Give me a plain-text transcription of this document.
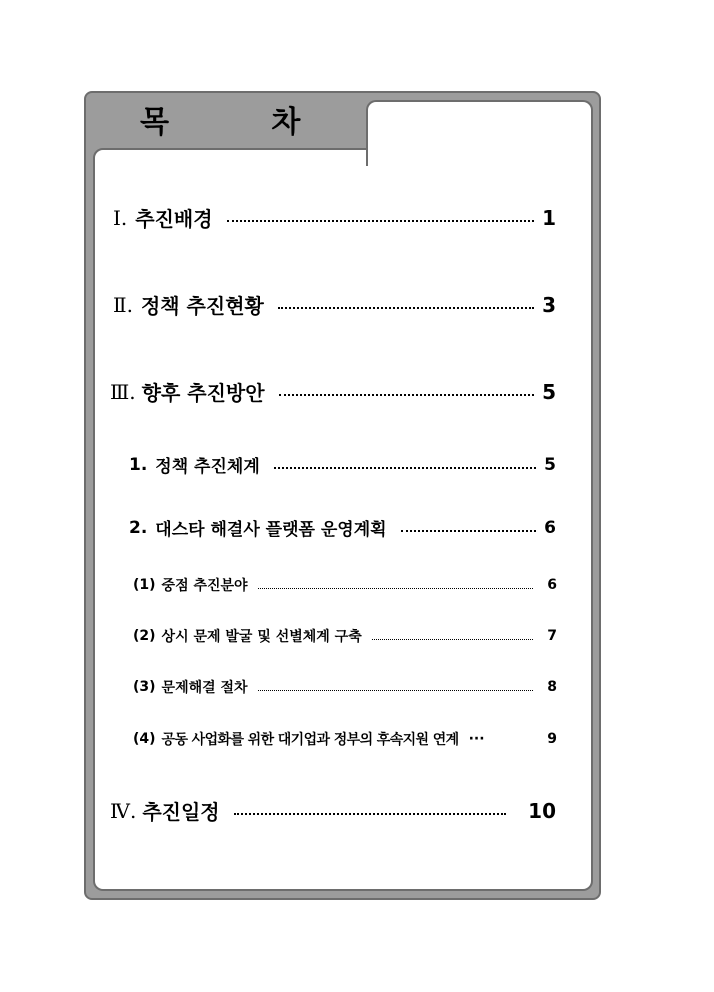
목 차
Ⅰ. 추진배경	1
Ⅱ. 정책 추진현황	3
Ⅲ. 향후 추진방안	5
1. 정책 추진체계	5
2. 대스타 해결사 플랫폼 운영계획	6
(1) 중점 추진분야	6
(2) 상시 문제 발굴 및 선별체계 구축	7
(3) 문제해결 절차	8
(4) 공동 사업화를 위한 대기업과 정부의 후속지원 연계 ···	9
Ⅳ. 추진일정	10
